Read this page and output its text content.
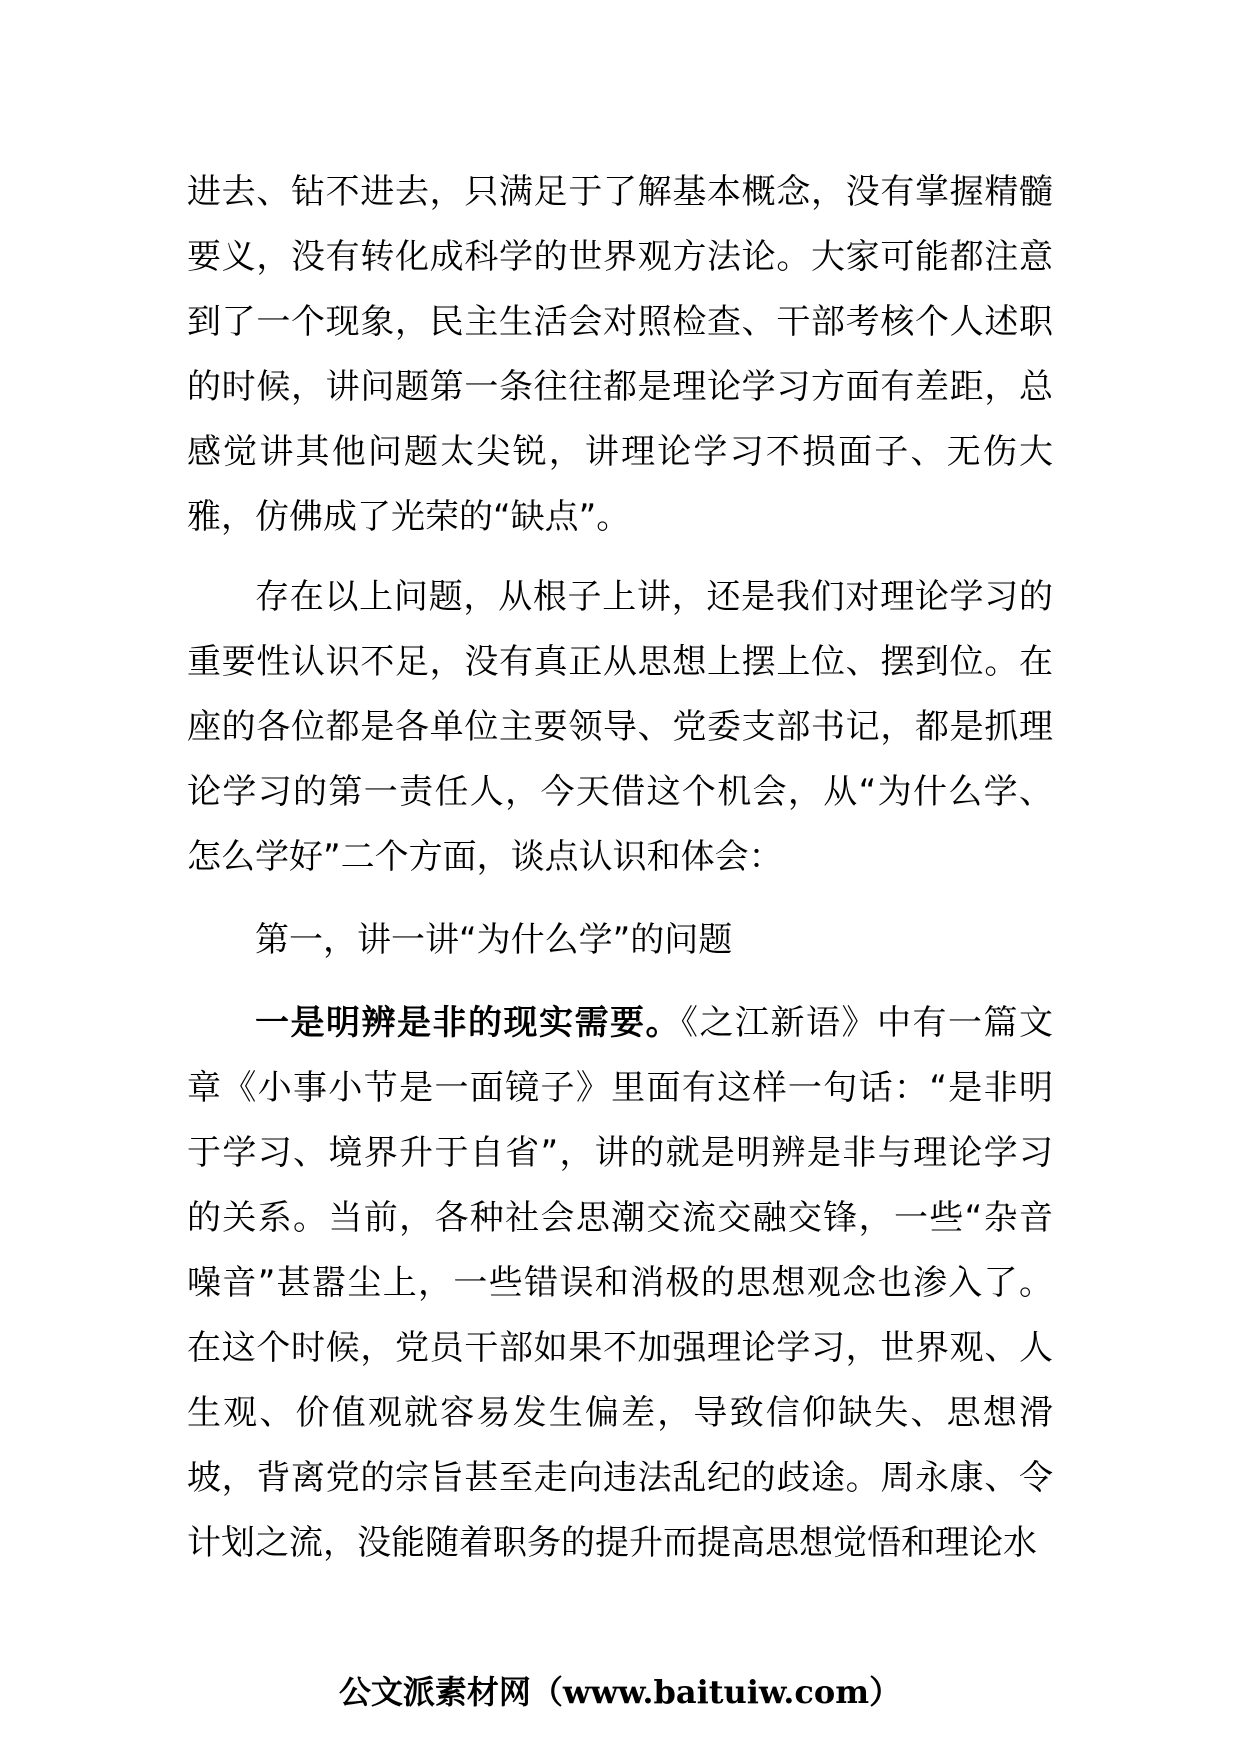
进去、钻不进去，只满足于了解基本概念，没有掌握精髓要义，没有转化成科学的世界观方法论。大家可能都注意到了一个现象，民主生活会对照检查、干部考核个人述职的时候，讲问题第一条往往都是理论学习方面有差距，总感觉讲其他问题太尖锐，讲理论学习不损面子、无伤大雅，仿佛成了光荣的“缺点”。

存在以上问题，从根子上讲，还是我们对理论学习的重要性认识不足，没有真正从思想上摆上位、摆到位。在座的各位都是各单位主要领导、党委支部书记，都是抓理论学习的第一责任人，今天借这个机会，从“为什么学、怎么学好”二个方面，谈点认识和体会：

第一，讲一讲“为什么学”的问题

一是明辨是非的现实需要。《之江新语》中有一篇文章《小事小节是一面镜子》里面有这样一句话：“是非明于学习、境界升于自省”，讲的就是明辨是非与理论学习的关系。当前，各种社会思潮交流交融交锋，一些“杂音噪音”甚嚣尘上，一些错误和消极的思想观念也渗入了。在这个时候，党员干部如果不加强理论学习，世界观、人生观、价值观就容易发生偏差，导致信仰缺失、思想滑坡，背离党的宗旨甚至走向违法乱纪的歧途。周永康、令计划之流，没能随着职务的提升而提高思想觉悟和理论水

公文派素材网（www.baituiw.com）
